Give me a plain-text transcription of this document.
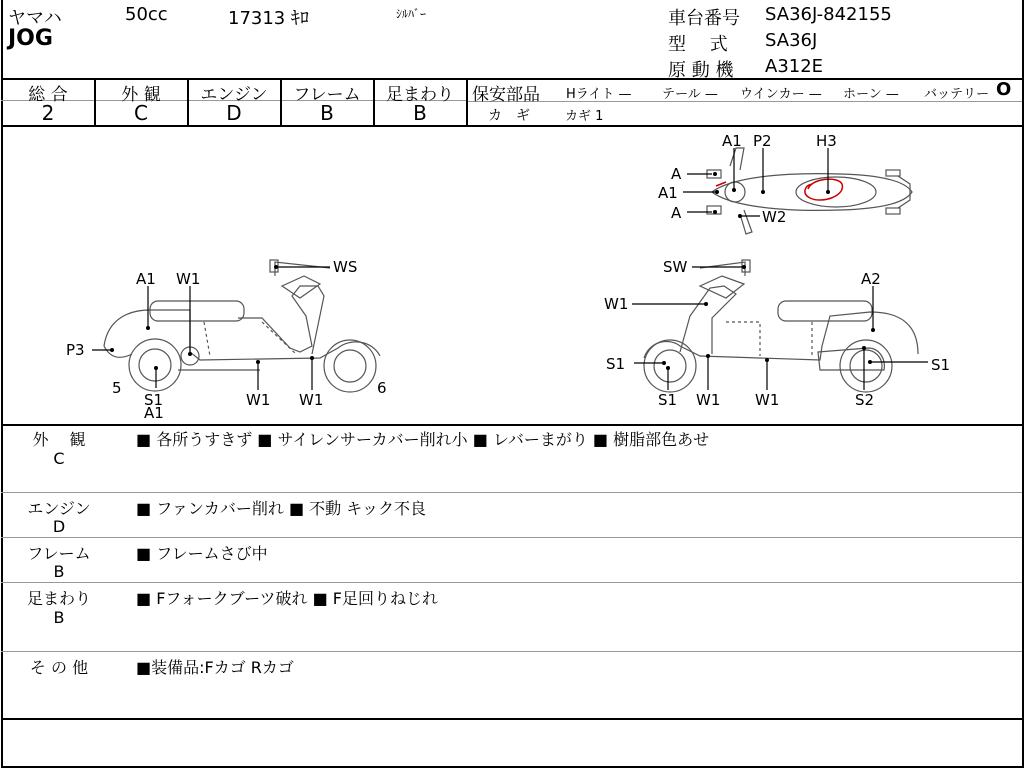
ヤマハ	50cc	17313 ｷﾛ	ｼﾙﾊﾞｰ
JOG
車台番号 SA36J-842155
型　 式 SA36J
原 動 機 A312E
総 合
2
外 観
C
エンジン
D
フレーム
B
足まわり
B
保安部品 Hライト — テール — ウインカー — ホーン — バッテリー O
カ　ギ	カギ 1
A1 P2	H3
A
A1
A	W2
A1 W1
WS
P3
5
S1
A1
W1 W1
6
SW
W1
A2
S1	S1
S1 W1 W1	S2
外　 観
C
■ 各所うすきず ■ サイレンサーカバー削れ小 ■ レバーまがり ■ 樹脂部色あせ
エンジン
D
■ ファンカバー削れ ■ 不動 キック不良
フレーム
B
■ フレームさび中
足まわり
B
■ Fフォークブーツ破れ ■ F足回りねじれ
そ の 他	■装備品:Fカゴ Rカゴ
